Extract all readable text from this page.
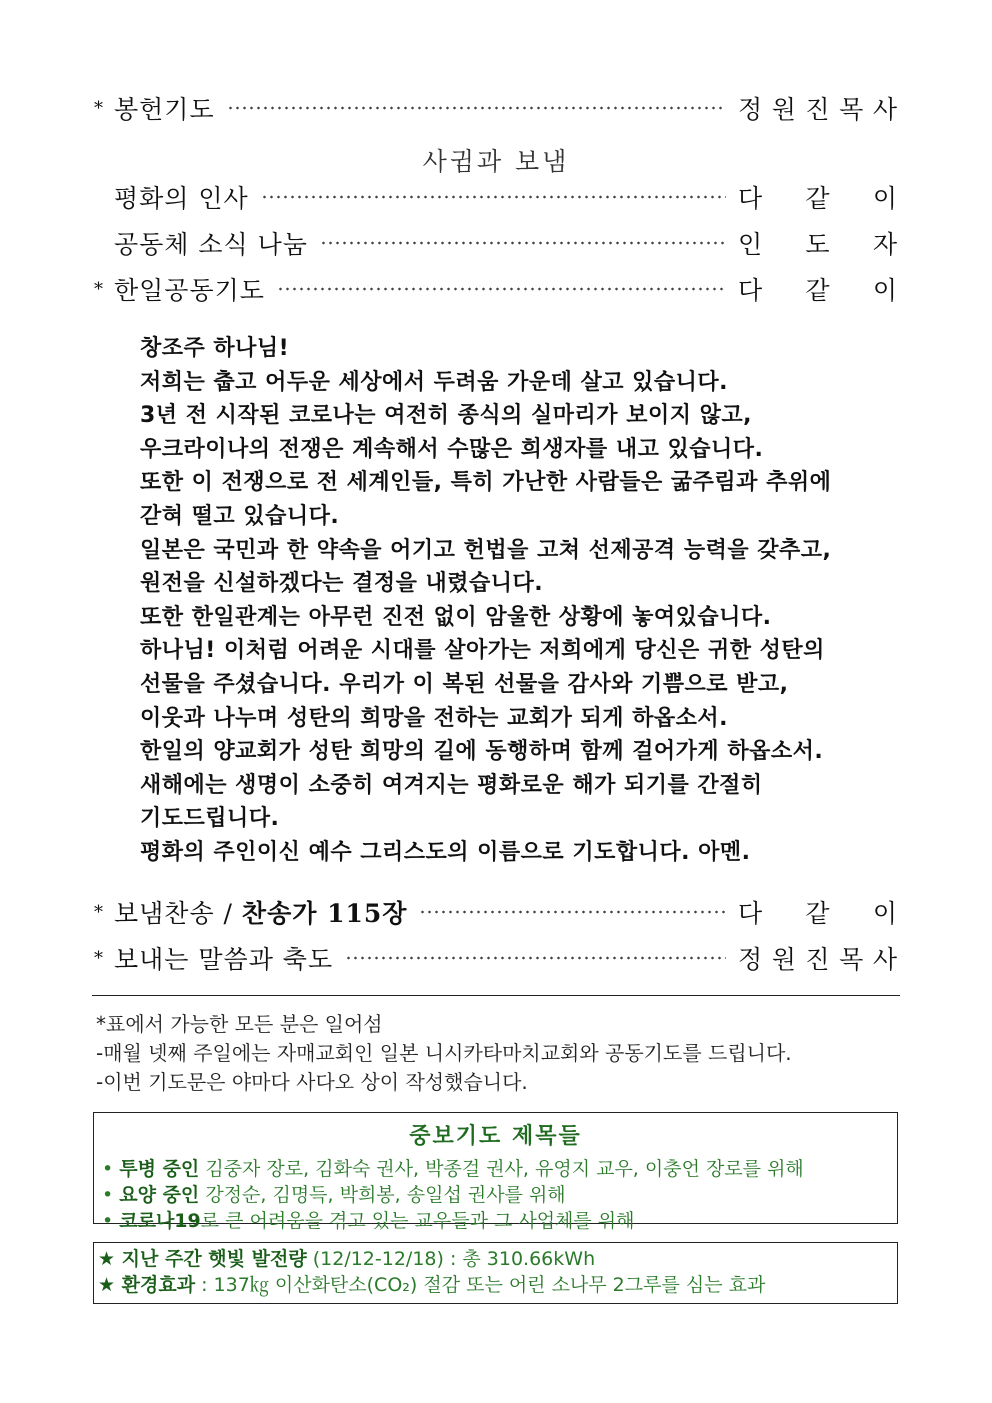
* 봉헌기도	정 원 진 목 사
사귐과 보냄
평화의 인사	다 같 이
공동체 소식 나눔	인 도 자
* 한일공동기도	다 같 이
창조주 하나님!
저희는 춥고 어두운 세상에서 두려움 가운데 살고 있습니다.
3년 전 시작된 코로나는 여전히 종식의 실마리가 보이지 않고,
우크라이나의 전쟁은 계속해서 수많은 희생자를 내고 있습니다.
또한 이 전쟁으로 전 세계인들, 특히 가난한 사람들은 굶주림과 추위에
갇혀 떨고 있습니다.
일본은 국민과 한 약속을 어기고 헌법을 고쳐 선제공격 능력을 갖추고,
원전을 신설하겠다는 결정을 내렸습니다.
또한 한일관계는 아무런 진전 없이 암울한 상황에 놓여있습니다.
하나님! 이처럼 어려운 시대를 살아가는 저희에게 당신은 귀한 성탄의
선물을 주셨습니다. 우리가 이 복된 선물을 감사와 기쁨으로 받고,
이웃과 나누며 성탄의 희망을 전하는 교회가 되게 하옵소서.
한일의 양교회가 성탄 희망의 길에 동행하며 함께 걸어가게 하옵소서.
새해에는 생명이 소중히 여겨지는 평화로운 해가 되기를 간절히
기도드립니다.
평화의 주인이신 예수 그리스도의 이름으로 기도합니다. 아멘.
* 보냄찬송 / 찬송가 115장	다 같 이
* 보내는 말씀과 축도	정 원 진 목 사
*표에서 가능한 모든 분은 일어섬
-매월 넷째 주일에는 자매교회인 일본 니시카타마치교회와 공동기도를 드립니다.
-이번 기도문은 야마다 사다오 상이 작성했습니다.
중보기도 제목들
• 투병 중인 김중자 장로, 김화숙 권사, 박종걸 권사, 유영지 교우, 이충언 장로를 위해
• 요양 중인 강정순, 김명득, 박희봉, 송일섭 권사를 위해
• 코로나19로 큰 어려움을 겪고 있는 교우들과 그 사업체를 위해
★ 지난 주간 햇빛 발전량 (12/12-12/18) : 총 310.66kWh
★ 환경효과 : 137㎏ 이산화탄소(CO₂) 절감 또는 어린 소나무 2그루를 심는 효과
